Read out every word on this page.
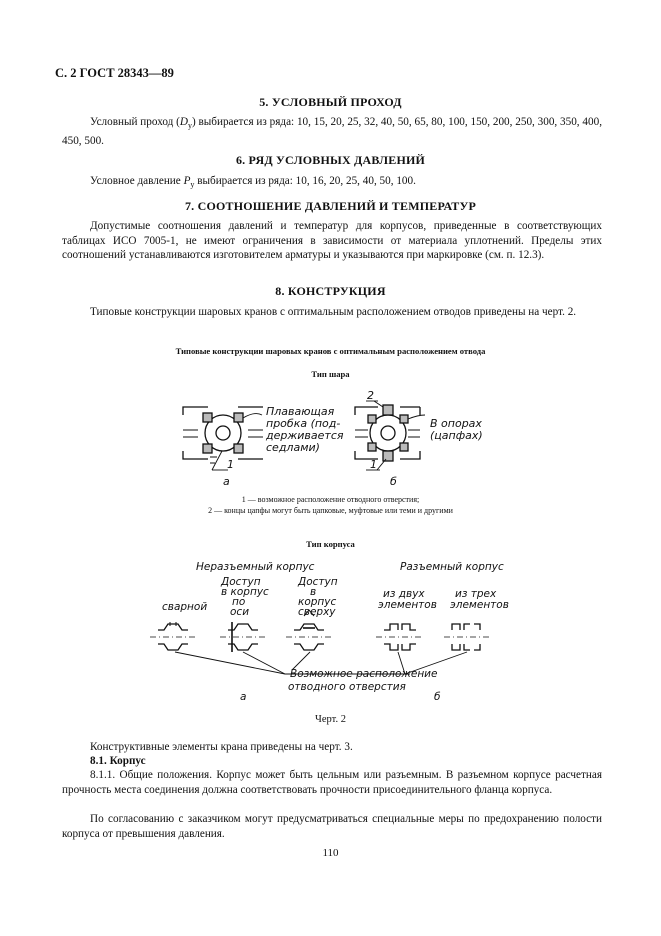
С. 2 ГОСТ 28343—89
5. УСЛОВНЫЙ ПРОХОД
Условный проход $(D_y)$ выбирается из ряда: 10, 15, 20, 25, 32, 40, 50, 65, 80, 100, 150, 200, 250, 300, 350, 400, 450, 500.
6. РЯД УСЛОВНЫХ ДАВЛЕНИЙ
Условное давление $P_y$ выбирается из ряда: 10, 16, 20, 25, 40, 50, 100.
7. СООТНОШЕНИЕ ДАВЛЕНИЙ И ТЕМПЕРАТУР
Допустимые соотношения давлений и температур для корпусов, приведенные в соответствующих таблицах ИСО 7005-1, не имеют ограничения в зависимости от материала уплотнений. Пределы этих соотношений устанавливаются изготовителем арматуры и указываются при маркировке (см. п. 12.3).
8. КОНСТРУКЦИЯ
Типовые конструкции шаровых кранов с оптимальным расположением отводов приведены на черт. 2.
Типовые конструкции шаровых кранов с оптимальным расположением отвода
Тип шара
Плавающая
пробка (под-
держивается
седлами)
В опорах
(цапфах)
1	1
2
а	б
1 — возможное расположение отводного отверстия;
2 — концы цапфы могут быть цапковые, муфтовые или теми и другими
Тип корпуса
Неразъемный корпус	Разъемный корпус
сварной
Доступ
в корпус
по
оси
Доступ
в
корпус
сверху
из двух
элементов
из трех
элементов
Возможное расположение
отводного отверстия
а	б
Черт. 2
Конструктивные элементы крана приведены на черт. 3.
8.1. Корпус
8.1.1. Общие положения. Корпус может быть цельным или разъемным. В разъемном корпусе расчетная прочность места соединения должна соответствовать прочности присоединительного фланца корпуса.
По согласованию с заказчиком могут предусматриваться специальные меры по предохранению полости корпуса от превышения давления.
110
